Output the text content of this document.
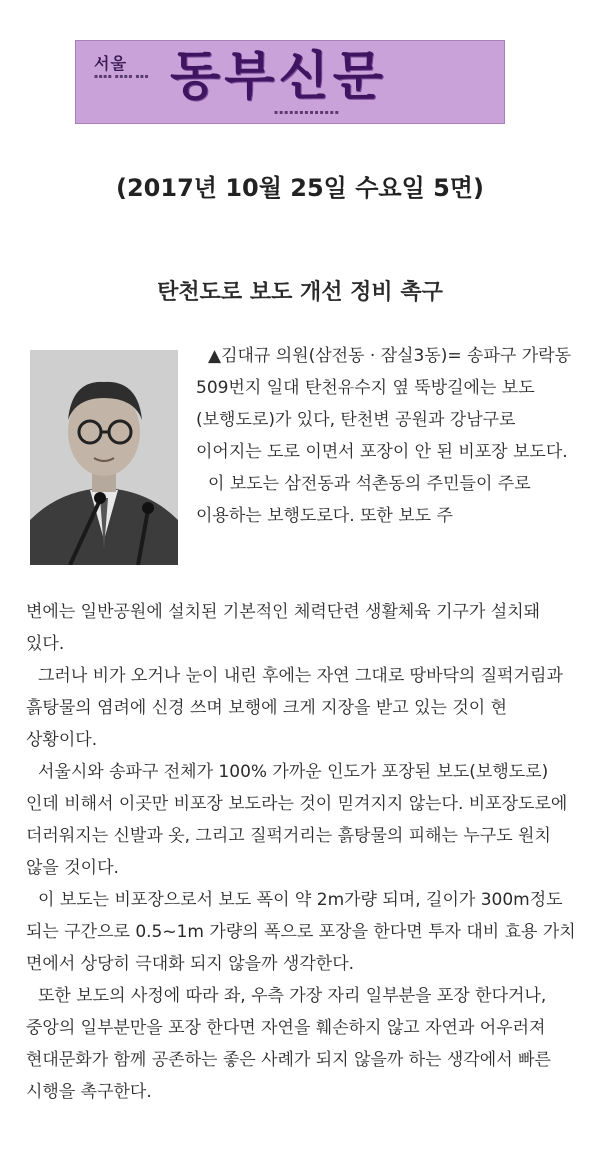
서울
▪▪▪▪ ▪▪▪▪ ▪▪▪ 동부신문
▪▪▪▪▪▪▪▪▪▪▪▪▪
(2017년 10월 25일 수요일 5면)
탄천도로 보도 개선 정비 촉구

▲김대규 의원(삼전동 · 잠실3동)= 송파구 가락동 509번지 일대 탄천유수지 옆 뚝방길에는 보도(보행도로)가 있다, 탄천변 공원과 강남구로 이어지는 도로 이면서 포장이 안 된 비포장 보도다.

이 보도는 삼전동과 석촌동의 주민들이 주로 이용하는 보행도로다. 또한 보도 주

변에는 일반공원에 설치된 기본적인 체력단련 생활체육 기구가 설치돼 있다.

그러나 비가 오거나 눈이 내린 후에는 자연 그대로 땅바닥의 질퍽거림과 흙탕물의 염려에 신경 쓰며 보행에 크게 지장을 받고 있는 것이 현 상황이다.

서울시와 송파구 전체가 100% 가까운 인도가 포장된 보도(보행도로)인데 비해서 이곳만 비포장 보도라는 것이 믿겨지지 않는다. 비포장도로에 더러워지는 신발과 옷, 그리고 질퍽거리는 흙탕물의 피해는 누구도 원치 않을 것이다.

이 보도는 비포장으로서 보도 폭이 약 2m가량 되며, 길이가 300m정도 되는 구간으로 0.5~1m 가량의 폭으로 포장을 한다면 투자 대비 효용 가치 면에서 상당히 극대화 되지 않을까 생각한다.

또한 보도의 사정에 따라 좌, 우측 가장 자리 일부분을 포장 한다거나, 중앙의 일부분만을 포장 한다면 자연을 훼손하지 않고 자연과 어우러져 현대문화가 함께 공존하는 좋은 사례가 되지 않을까 하는 생각에서 빠른 시행을 촉구한다.
